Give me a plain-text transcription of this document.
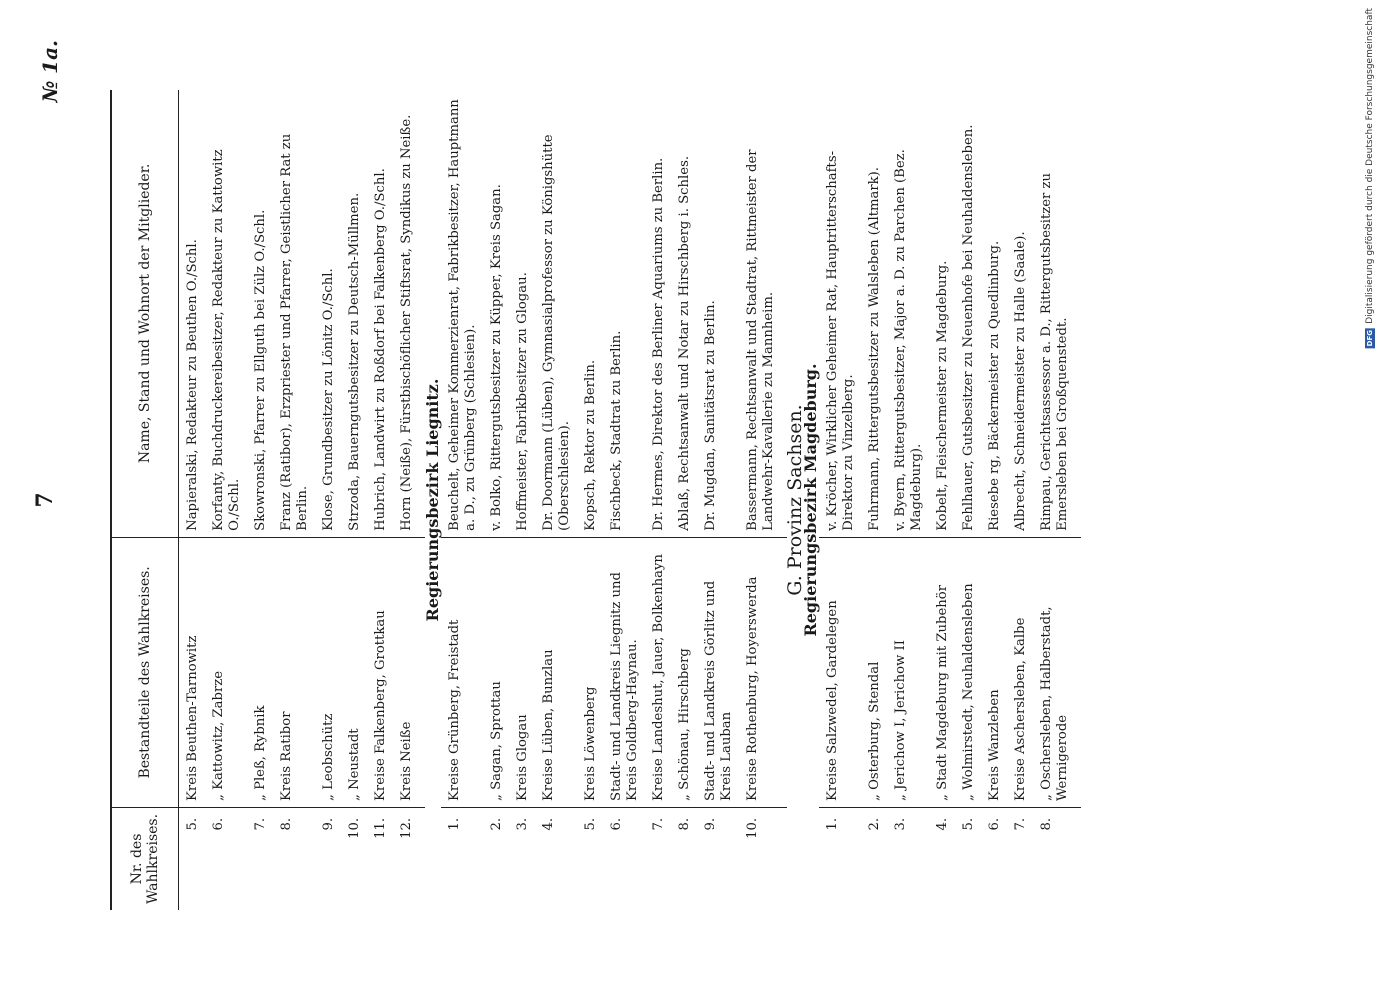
7
№ 1a.
Nr. des Wahlkreises.	Bestandteile des Wahlkreises.	Name, Stand und Wohnort der Mitglieder.

5.	Kreis Beuthen-Tarnowitz	Napieralski, Redakteur zu Beuthen O./Schl.

6.	„ Kattowitz, Zabrze	Korfanty, Buchdruckereibesitzer, Redakteur zu Kattowitz O./Schl.

7.	„ Pleß, Rybnik	Skowronski, Pfarrer zu Ellguth bei Zülz O./Schl.

8.	Kreis Ratibor	Franz (Ratibor), Erzpriester und Pfarrer, Geistlicher Rat zu Berlin.

9.	„ Leobschütz	Klose, Grundbesitzer zu Lönitz O./Schl.

10.	„ Neustadt	Strzoda, Bauerngutsbesitzer zu Deutsch-Müllmen.

11.	Kreise Falkenberg, Grottkau	Hubrich, Landwirt zu Roßdorf bei Falkenberg O./Schl.

12.	Kreis Neiße	Horn (Neiße), Fürstbischöflicher Stiftsrat, Syndikus zu Neiße.

Regierungsbezirk Liegnitz.		

1.	Kreise Grünberg, Freistadt	Beuchelt, Geheimer Kommerzienrat, Fabrikbesitzer, Hauptmann a. D., zu Grünberg (Schlesien).

2.	„ Sagan, Sprottau	v. Bolko, Rittergutsbesitzer zu Küpper, Kreis Sagan.

3.	Kreis Glogau	Hoffmeister, Fabrikbesitzer zu Glogau.

4.	Kreise Lüben, Bunzlau	Dr. Doormann (Lüben), Gymnasialprofessor zu Königshütte (Oberschlesien).

5.	Kreis Löwenberg	Kopsch, Rektor zu Berlin.

6.	Stadt- und Landkreis Liegnitz und Kreis Goldberg-Haynau.	Fischbeck, Stadtrat zu Berlin.

7.	Kreise Landeshut, Jauer, Bolkenhayn	Dr. Hermes, Direktor des Berliner Aquariums zu Berlin.

8.	„ Schönau, Hirschberg	Ablaß, Rechtsanwalt und Notar zu Hirschberg i. Schles.

9.	Stadt- und Landkreis Görlitz und Kreis Lauban	Dr. Mugdan, Sanitätsrat zu Berlin.

10.	Kreise Rothenburg, Hoyerswerda	Bassermann, Rechtsanwalt und Stadtrat, Rittmeister der Landwehr-Kavallerie zu Mannheim.

G. Provinz Sachsen.		
Regierungsbezirk Magdeburg.		

1.	Kreise Salzwedel, Gardelegen	v. Kröcher, Wirklicher Geheimer Rat, Hauptritterschafts-Direktor zu Vinzelberg.

2.	„ Osterburg, Stendal	Fuhrmann, Rittergutsbesitzer zu Walsleben (Altmark).

3.	„ Jerichow I, Jerichow II	v. Byern, Rittergutsbesitzer, Major a. D. zu Parchen (Bez. Magdeburg).

4.	„ Stadt Magdeburg mit Zubehör	Kobelt, Fleischermeister zu Magdeburg.

5.	„ Wolmirstedt, Neuhaldensleben	Fehlhauer, Gutsbesitzer zu Neuenhofe bei Neuhaldensleben.

6.	Kreis Wanzleben	Riesebe rg, Bäckermeister zu Quedlinburg.

7.	Kreise Aschersleben, Kalbe	Albrecht, Schneidermeister zu Halle (Saale).

8.	„ Oschersleben, Halberstadt, Wernigerode	Rimpau, Gerichtsassessor a. D., Rittergutsbesitzer zu Emersleben bei Großquenstedt.

Digitalisierung gefördert durch die Deutsche Forschungsgemeinschaft
DFG
